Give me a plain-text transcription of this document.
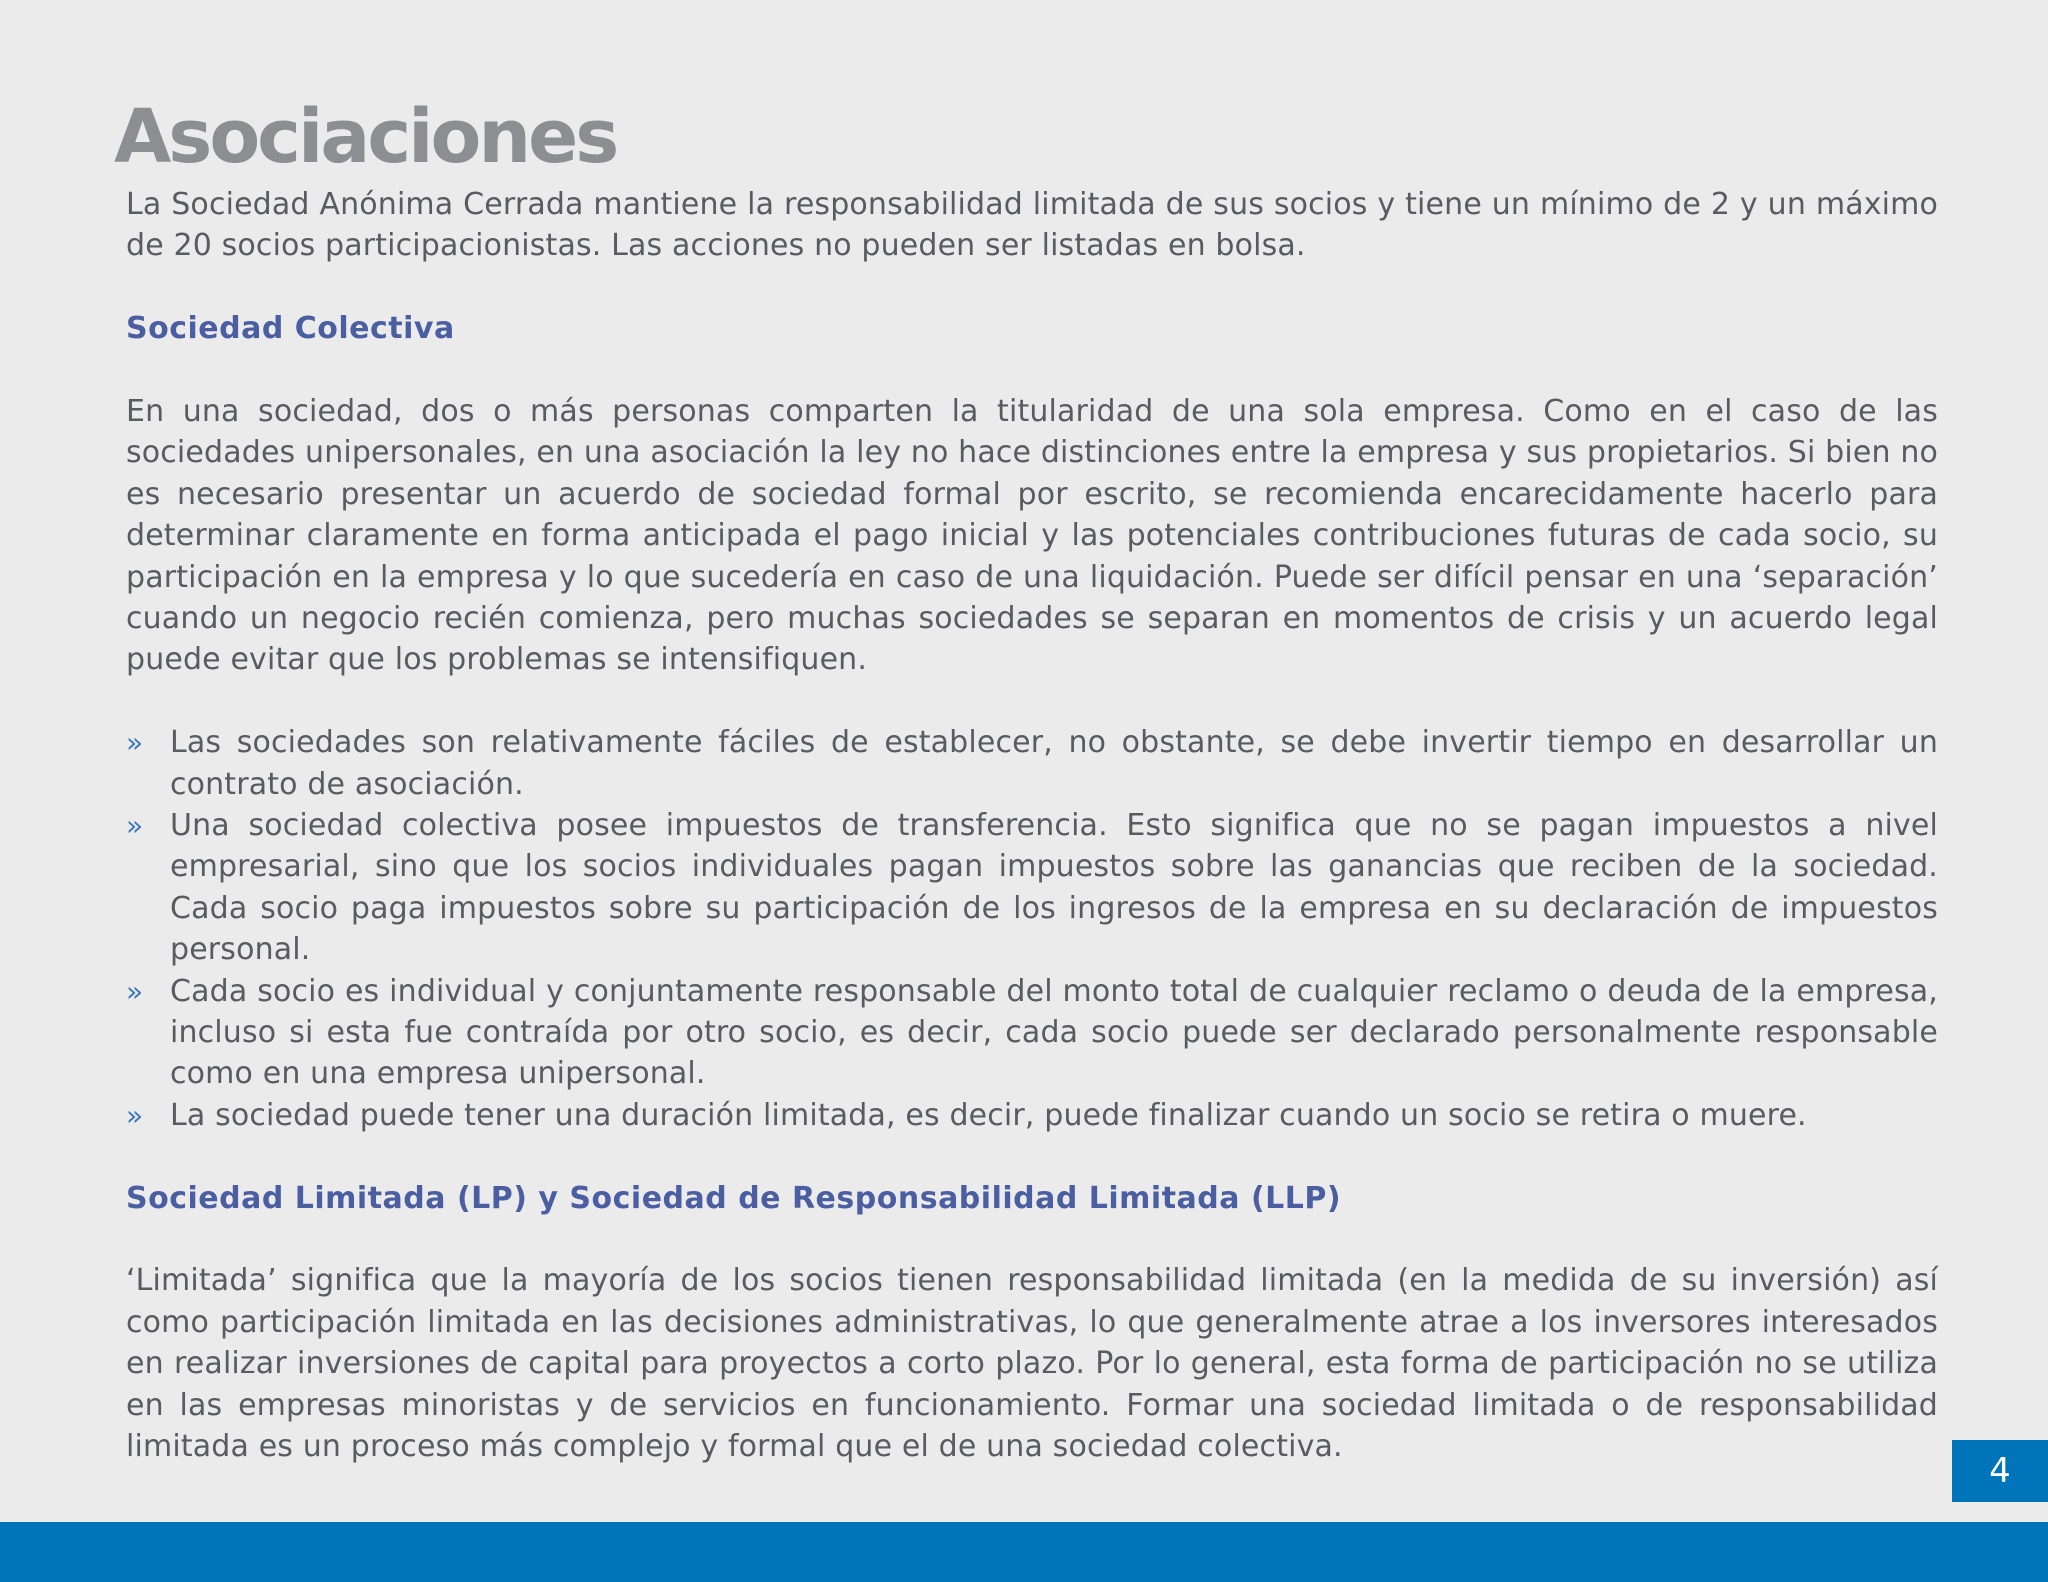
Asociaciones

La Sociedad Anónima Cerrada mantiene la responsabilidad limitada de sus socios y tiene un mínimo de 2 y un máximo de 20 socios participacionistas. Las acciones no pueden ser listadas en bolsa.

Sociedad Colectiva

En una sociedad, dos o más personas comparten la titularidad de una sola empresa. Como en el caso de las sociedades unipersonales, en una asociación la ley no hace distinciones entre la empresa y sus propietarios. Si bien no es necesario presentar un acuerdo de sociedad formal por escrito, se recomienda encarecidamente hacerlo para determinar claramente en forma anticipada el pago inicial y las potenciales contribuciones futuras de cada socio, su participación en la empresa y lo que sucedería en caso de una liquidación. Puede ser difícil pensar en una ‘separación’ cuando un negocio recién comienza, pero muchas sociedades se separan en momentos de crisis y un acuerdo legal puede evitar que los problemas se intensifiquen.

» Las sociedades son relativamente fáciles de establecer, no obstante, se debe invertir tiempo en desarrollar un contrato de asociación.
» Una sociedad colectiva posee impuestos de transferencia. Esto significa que no se pagan impuestos a nivel empresarial, sino que los socios individuales pagan impuestos sobre las ganancias que reciben de la sociedad. Cada socio paga impuestos sobre su participación de los ingresos de la empresa en su declaración de impuestos personal.
» Cada socio es individual y conjuntamente responsable del monto total de cualquier reclamo o deuda de la empresa, incluso si esta fue contraída por otro socio, es decir, cada socio puede ser declarado personalmente responsable como en una empresa unipersonal.
» La sociedad puede tener una duración limitada, es decir, puede finalizar cuando un socio se retira o muere.
Sociedad Limitada (LP) y Sociedad de Responsabilidad Limitada (LLP)

‘Limitada’ significa que la mayoría de los socios tienen responsabilidad limitada (en la medida de su inversión) así como participación limitada en las decisiones administrativas, lo que generalmente atrae a los inversores interesados en realizar inversiones de capital para proyectos a corto plazo. Por lo general, esta forma de participación no se utiliza en las empresas minoristas y de servicios en funcionamiento. Formar una sociedad limitada o de responsabilidad limitada es un proceso más complejo y formal que el de una sociedad colectiva.

4
